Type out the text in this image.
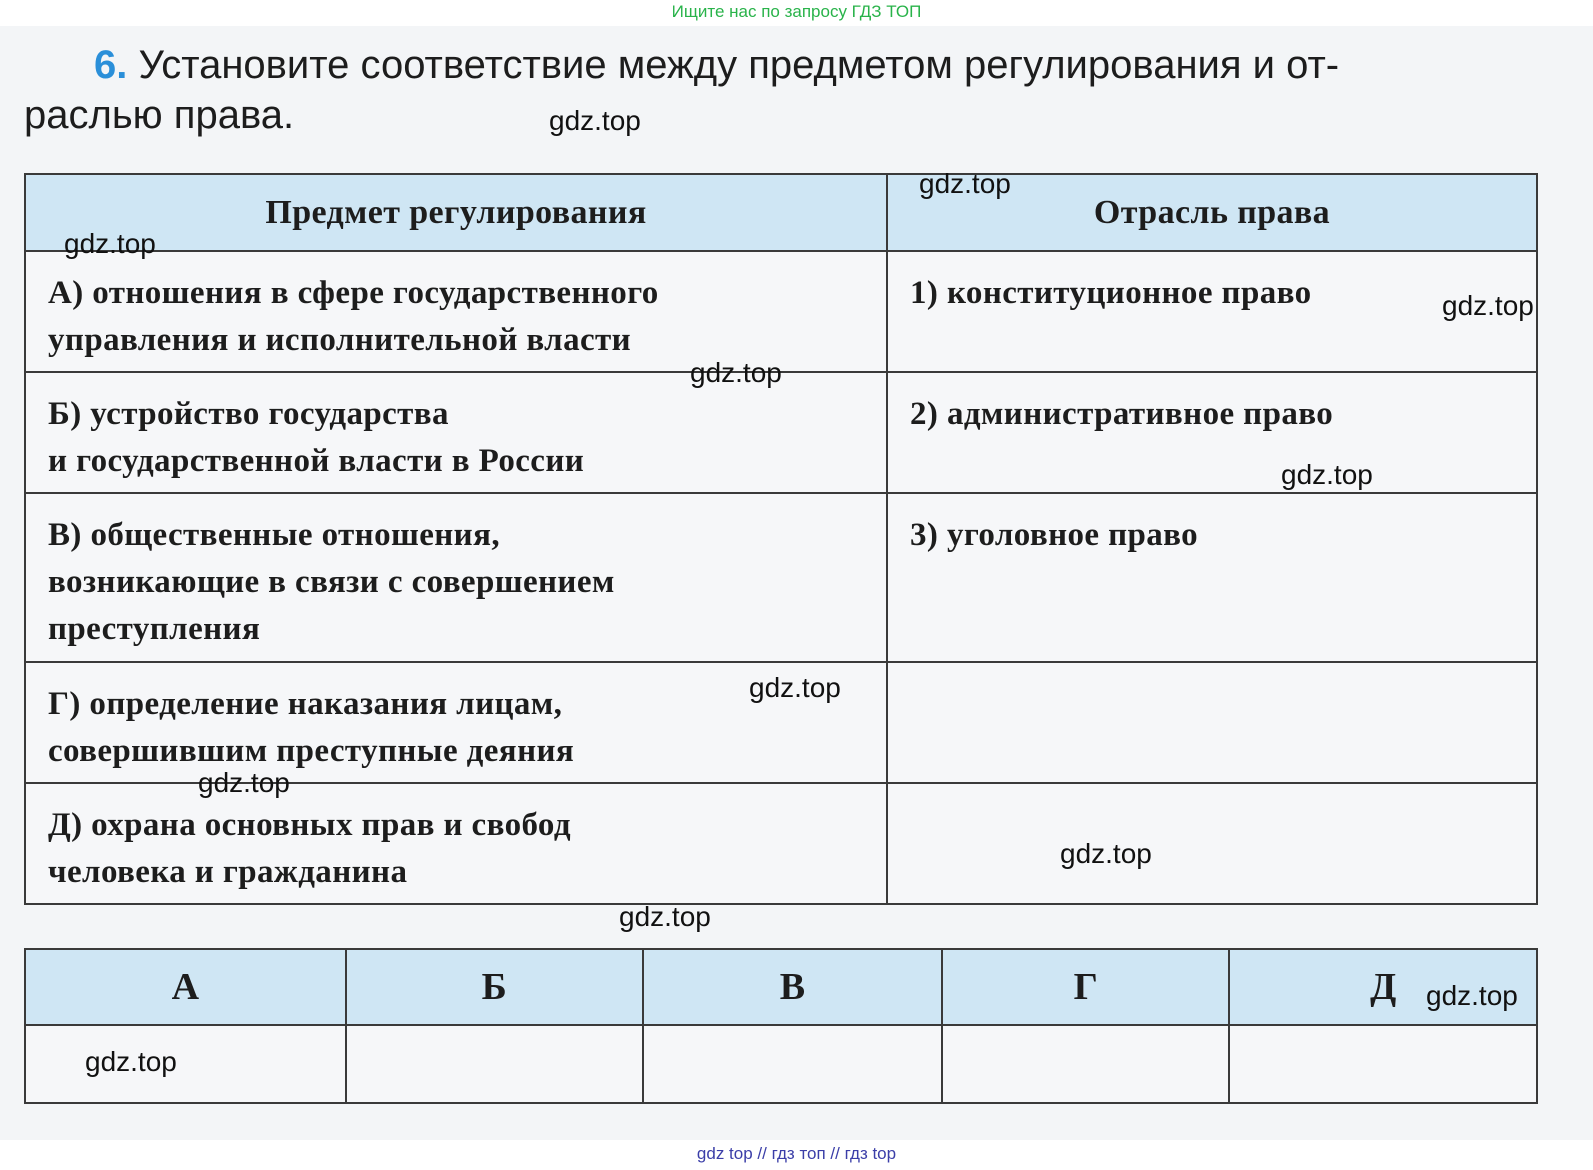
Ищите нас по запросу ГДЗ ТОП
6. Установите соответствие между предметом регулирования и от-
раслью права.
Предмет регулирования	Отрасль права

А) отношения в сфере государственного
управления и исполнительной власти	1) конституционное право

Б) устройство государства
и государственной власти в России	2) административное право

В) общественные отношения,
возникающие в связи с совершением
преступления	3) уголовное право

Г) определение наказания лицам,
совершившим преступные деяния	

Д) охрана основных прав и свобод
человека и гражданина	

А	Б	В	Г	Д

gdz.top
gdz.top
gdz.top
gdz.top
gdz.top
gdz.top
gdz.top
gdz.top
gdz.top
gdz.top
gdz.top
gdz.top
gdz top // гдз топ // гдз top
